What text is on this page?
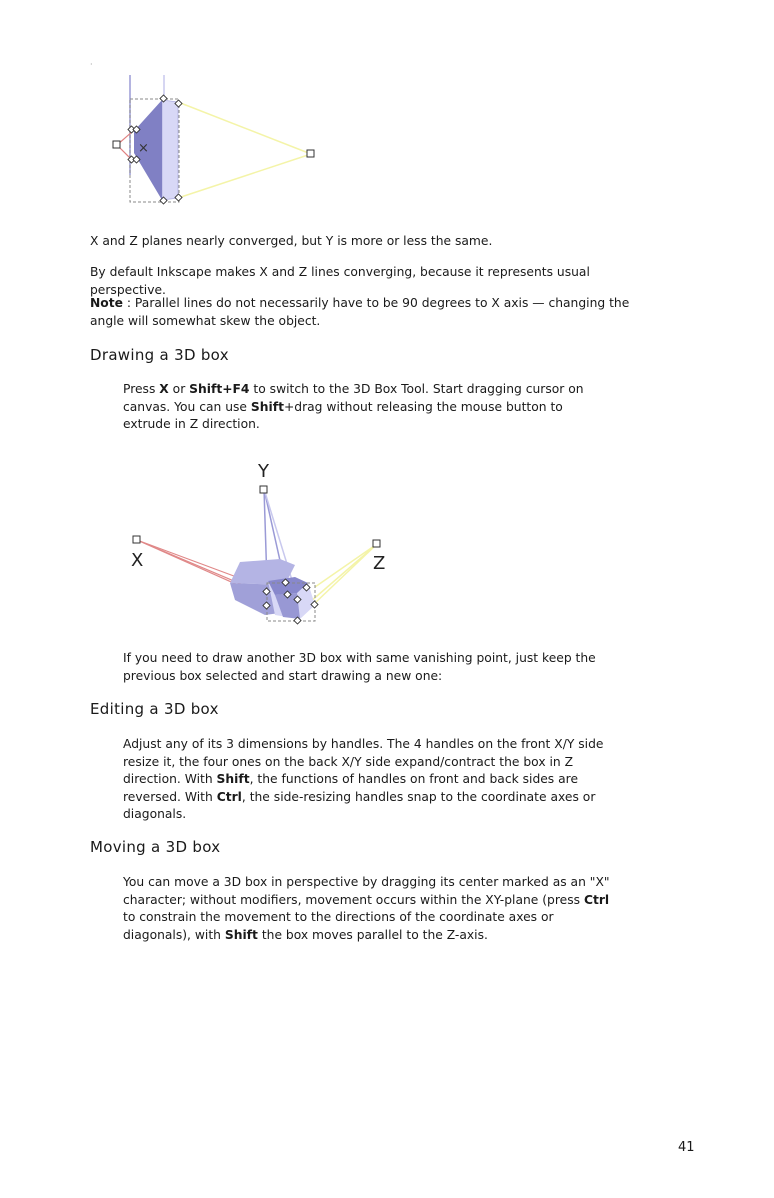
·
×

X and Z planes nearly converged, but Y is more or less the same.

By default Inkscape makes X and Z lines converging, because it represents usual perspective.

Note : Parallel lines do not necessarily have to be 90 degrees to X axis — changing the angle will somewhat skew the object.

Drawing a 3D box

Press X or Shift+F4 to switch to the 3D Box Tool. Start dragging cursor on canvas. You can use Shift+drag without releasing the mouse button to extrude in Z direction.

Y
X	Z

If you need to draw another 3D box with same vanishing point, just keep the previous box selected and start drawing a new one:

Editing a 3D box

Adjust any of its 3 dimensions by handles. The 4 handles on the front X/Y side resize it, the four ones on the back X/Y side expand/contract the box in Z direction. With Shift, the functions of handles on front and back sides are reversed. With Ctrl, the side-resizing handles snap to the coordinate axes or diagonals.

Moving a 3D box

You can move a 3D box in perspective by dragging its center marked as an "X" character; without modifiers, movement occurs within the XY-plane (press Ctrl to constrain the movement to the directions of the coordinate axes or diagonals), with Shift the box moves parallel to the Z-axis.

41
